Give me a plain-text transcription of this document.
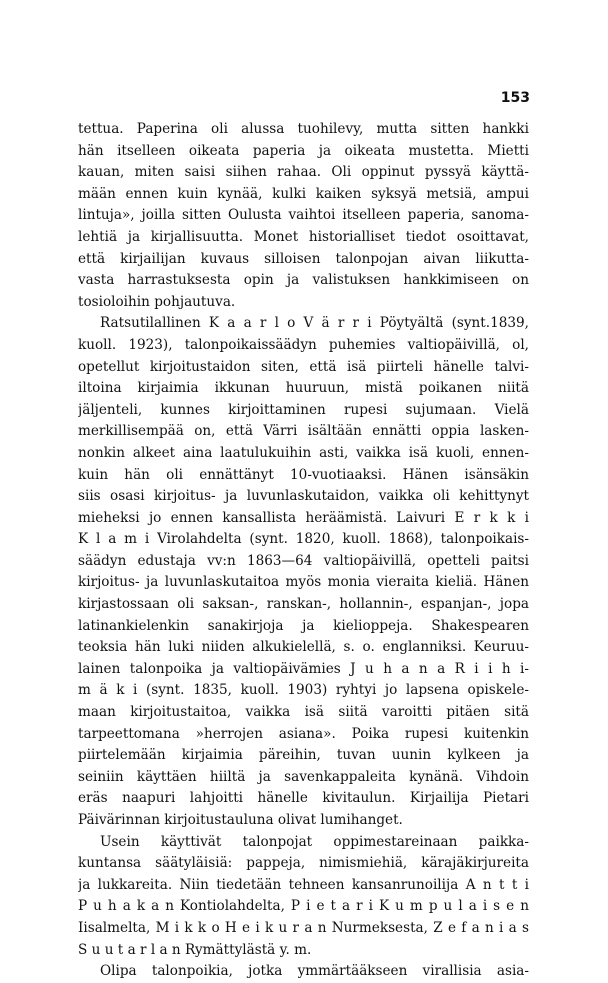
153
tettua. Paperina oli alussa tuohilevy, mutta sitten hankki
hän itselleen oikeata paperia ja oikeata mustetta. Mietti
kauan, miten saisi siihen rahaa. Oli oppinut pyssyä käyttä-
mään ennen kuin kynää, kulki kaiken syksyä metsiä, ampui
lintuja», joilla sitten Oulusta vaihtoi itselleen paperia, sanoma-
lehtiä ja kirjallisuutta. Monet historialliset tiedot osoittavat,
että kirjailijan kuvaus silloisen talonpojan aivan liikutta-
vasta harrastuksesta opin ja valistuksen hankkimiseen on
tosioloihin pohjautuva.
Ratsutilallinen K a a r l o V ä r r i Pöytyältä (synt.1839,
kuoll. 1923), talonpoikaissäädyn puhemies valtiopäivillä, ol,
opetellut kirjoitustaidon siten, että isä piirteli hänelle talvi-
iltoina kirjaimia ikkunan huuruun, mistä poikanen niitä
jäljenteli, kunnes kirjoittaminen rupesi sujumaan. Vielä
merkillisempää on, että Värri isältään ennätti oppia lasken-
nonkin alkeet aina laatulukuihin asti, vaikka isä kuoli, ennen-
kuin hän oli ennättänyt 10-vuotiaaksi. Hänen isänsäkin
siis osasi kirjoitus- ja luvunlaskutaidon, vaikka oli kehittynyt
mieheksi jo ennen kansallista heräämistä. Laivuri E r k k i
K l a m i Virolahdelta (synt. 1820, kuoll. 1868), talonpoikais-
säädyn edustaja vv:n 1863—64 valtiopäivillä, opetteli paitsi
kirjoitus- ja luvunlaskutaitoa myös monia vieraita kieliä. Hänen
kirjastossaan oli saksan-, ranskan-, hollannin-, espanjan-, jopa
latinankielenkin sanakirjoja ja kielioppeja. Shakespearen
teoksia hän luki niiden alkukielellä, s. o. englanniksi. Keuruu-
lainen talonpoika ja valtiopäivämies J u h a n a R i i h i-
m ä k i (synt. 1835, kuoll. 1903) ryhtyi jo lapsena opiskele-
maan kirjoitustaitoa, vaikka isä siitä varoitti pitäen sitä
tarpeettomana »herrojen asiana». Poika rupesi kuitenkin
piirtelemään kirjaimia päreihin, tuvan uunin kylkeen ja
seiniin käyttäen hiiltä ja savenkappaleita kynänä. Vihdoin
eräs naapuri lahjoitti hänelle kivitaulun. Kirjailija Pietari
Päivärinnan kirjoitustauluna olivat lumihanget.
Usein käyttivät talonpojat oppimestareinaan paikka-
kuntansa säätyläisiä: pappeja, nimismiehiä, kärajäkirjureita
ja lukkareita. Niin tiedetään tehneen kansanrunoilija A n t t i
P u h a k a n Kontiolahdelta, P i e t a r i K u m p u l a i s e n
Iisalmelta, M i k k o H e i k u r a n Nurmeksesta, Z e f a n i a s
S u u t a r l a n Rymättylästä y. m.
Olipa talonpoikia, jotka ymmärtääkseen virallisia asia-
